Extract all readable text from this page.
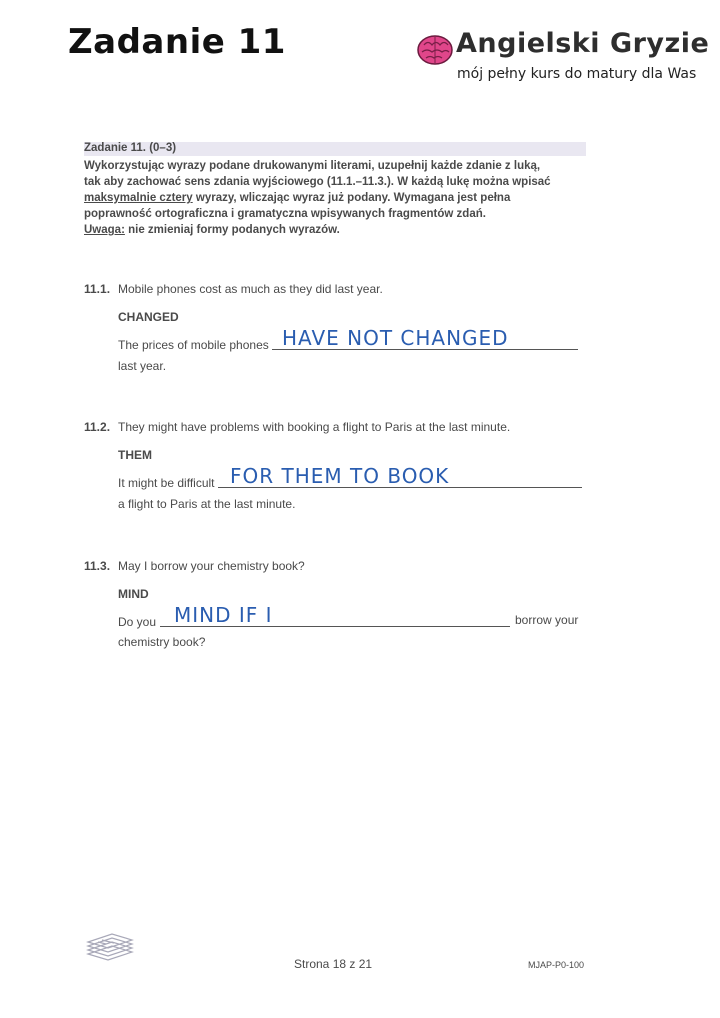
Zadanie 11	Angielski Gryzie
mój pełny kurs do matury dla Was
Zadanie 11. (0–3)

Wykorzystując wyrazy podane drukowanymi literami, uzupełnij każde zdanie z luką,

tak aby zachować sens zdania wyjściowego (11.1.–11.3.). W każdą lukę można wpisać

maksymalnie cztery wyrazy, wliczając wyraz już podany. Wymagana jest pełna

poprawność ortograficzna i gramatyczna wpisywanych fragmentów zdań.

Uwaga: nie zmieniaj formy podanych wyrazów.

11.1. Mobile phones cost as much as they did last year.
CHANGED
The prices of mobile phones HAVE NOT CHANGED
last year.
11.2. They might have problems with booking a flight to Paris at the last minute.
THEM
It might be difficult FOR THEM TO BOOK
a flight to Paris at the last minute.
11.3. May I borrow your chemistry book?
MIND
Do you MIND IF I	borrow your
chemistry book?
Strona 18 z 21	MJAP-P0-100
